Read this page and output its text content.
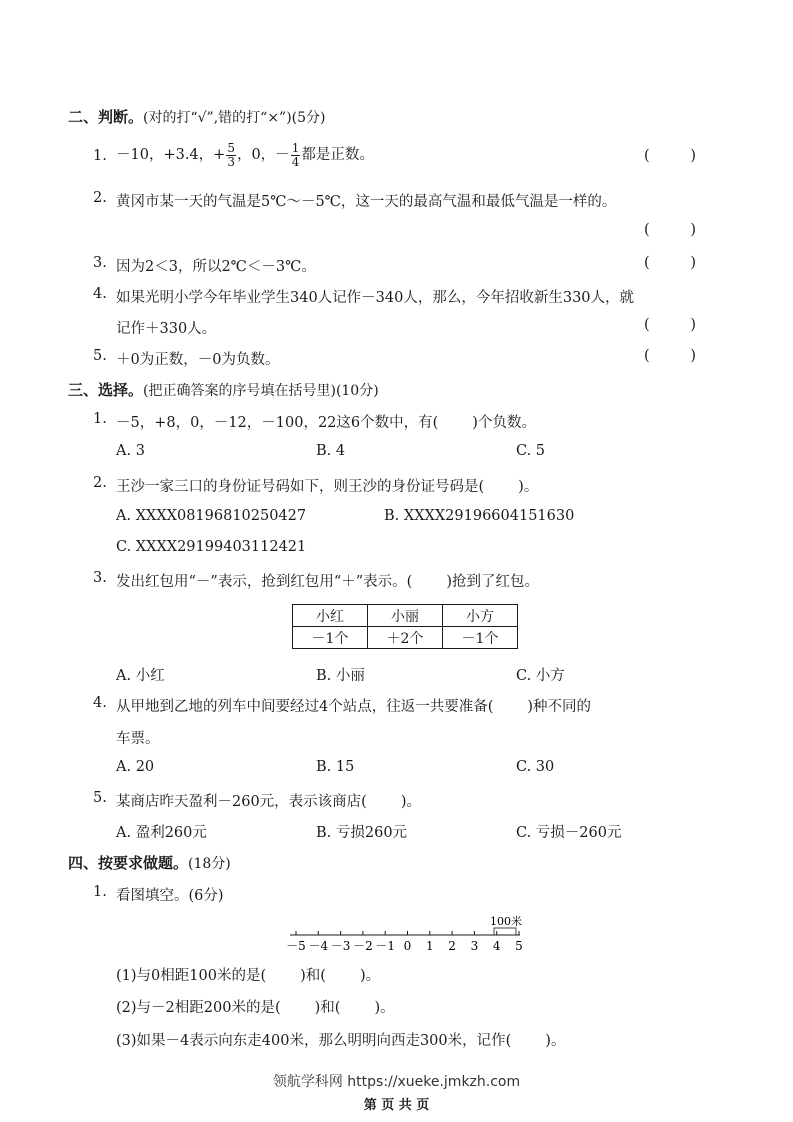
二、判断。(对的打“√”,错的打“×”)(5分)
1. －10，+3.4，+ $\frac{5}{3}$ ，0，－ $\frac{1}{4}$ 都是正数。	(	)
2. 黄冈市某一天的气温是5℃～－5℃，这一天的最高气温和最低气温是一样的。
(	)
3. 因为2＜3，所以2℃＜－3℃。	(	)
4. 如果光明小学今年毕业学生340人记作－340人，那么，今年招收新生330人，就
记作＋330人。	(	)
5. ＋0为正数，－0为负数。	(	)
三、选择。(把正确答案的序号填在括号里)(10分)
1. －5，+8，0，－12，－100，22这6个数中，有( )个负数。
A. 3	B. 4	C. 5
2. 王沙一家三口的身份证号码如下，则王沙的身份证号码是( )。
A. XXXX08196810250427	B. XXXX29196604151630
C. XXXX29199403112421
3. 发出红包用“－”表示，抢到红包用“＋”表示。( )抢到了红包。
小红	小丽	小方
－1个	＋2个	－1个
A. 小红	B. 小丽	C. 小方
4. 从甲地到乙地的列车中间要经过4个站点，往返一共要准备( )种不同的
车票。
A. 20	B. 15	C. 30
5. 某商店昨天盈利－260元，表示该商店( )。
A. 盈利260元	B. 亏损260元	C. 亏损－260元
四、按要求做题。(18分)
1. 看图填空。(6分)
－5 －4 －3 －2 －1 0 1 2 3 4 5
100米
(1)与0相距100米的是( )和( )。
(2)与－2相距200米的是( )和( )。
(3)如果－4表示向东走400米，那么明明向西走300米，记作( )。
领航学科网 https://xueke.jmkzh.com
第 页 共 页
